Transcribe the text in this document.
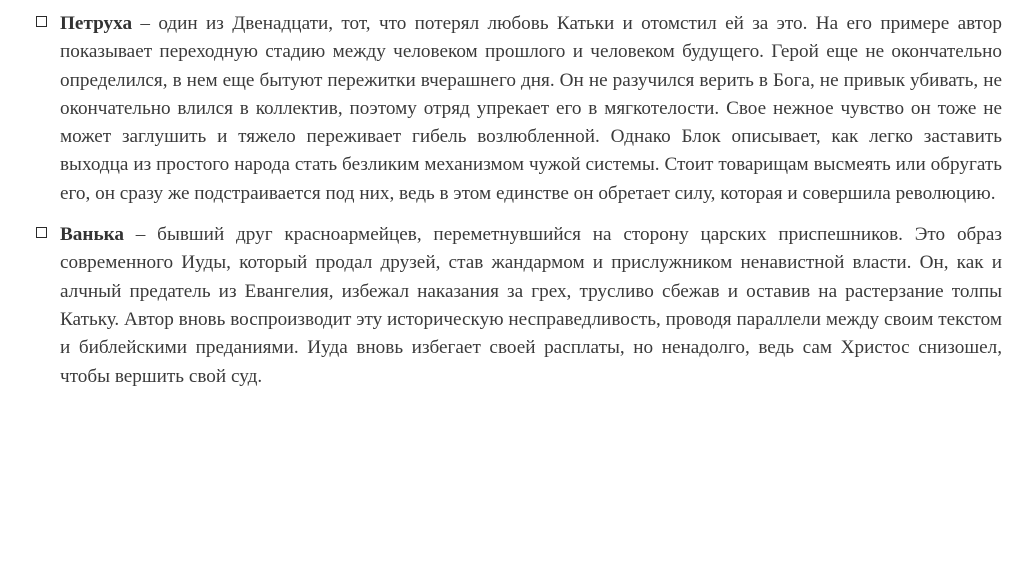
Петруха – один из Двенадцати, тот, что потерял любовь Катьки и отомстил ей за это. На его примере автор показывает переходную стадию между человеком прошлого и человеком будущего. Герой еще не окончательно определился, в нем еще бытуют пережитки вчерашнего дня. Он не разучился верить в Бога, не привык убивать, не окончательно влился в коллектив, поэтому отряд упрекает его в мягкотелости. Свое нежное чувство он тоже не может заглушить и тяжело переживает гибель возлюбленной. Однако Блок описывает, как легко заставить выходца из простого народа стать безликим механизмом чужой системы. Стоит товарищам высмеять или обругать его, он сразу же подстраивается под них, ведь в этом единстве он обретает силу, которая и совершила революцию.

Ванька – бывший друг красноармейцев, переметнувшийся на сторону царских приспешников. Это образ современного Иуды, который продал друзей, став жандармом и прислужником ненавистной власти. Он, как и алчный предатель из Евангелия, избежал наказания за грех, трусливо сбежав и оставив на растерзание толпы Катьку. Автор вновь воспроизводит эту историческую несправедливость, проводя параллели между своим текстом и библейскими преданиями. Иуда вновь избегает своей расплаты, но ненадолго, ведь сам Христос снизошел, чтобы вершить свой суд.
